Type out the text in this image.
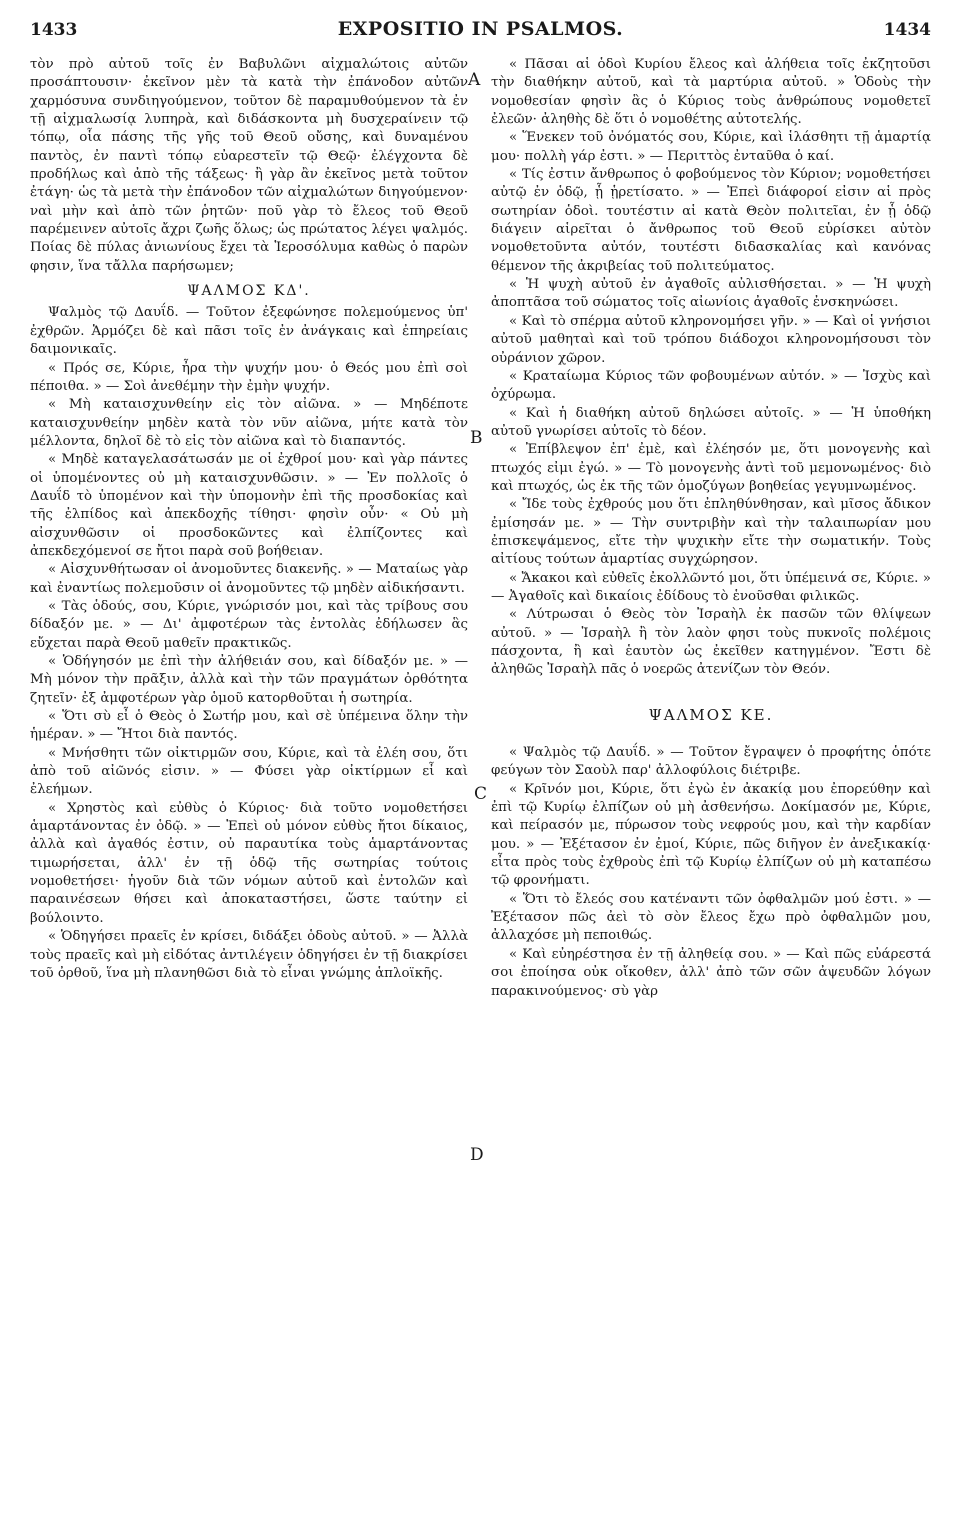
1433	EXPOSITIO IN PSALMOS.	1434
A
B
C
D

τὸν πρὸ αὐτοῦ τοῖς ἐν Βαβυλῶνι αἰχμαλώτοις αὐτῶν προσάπτουσιν· ἐκεῖνον μὲν τὰ κατὰ τὴν ἐπάνοδον αὐτῶν χαρμόσυνα συνδιηγούμενον, τοῦτον δὲ παραμυθούμενον τὰ ἐν τῇ αἰχμαλωσίᾳ λυπηρὰ, καὶ διδάσκοντα μὴ δυσχεραίνειν τῷ τόπῳ, οἷα πάσης τῆς γῆς τοῦ Θεοῦ οὔσης, καὶ δυναμένου παντὸς, ἐν παντὶ τόπῳ εὐαρεστεῖν τῷ Θεῷ· ἐλέγχοντα δὲ προδήλως καὶ ἀπὸ τῆς τάξεως· ἢ γὰρ ἂν ἐκεῖνος μετὰ τοῦτον ἐτάγη· ὡς τὰ μετὰ τὴν ἐπάνοδον τῶν αἰχμαλώτων διηγούμενον· ναὶ μὴν καὶ ἀπὸ τῶν ῥητῶν· ποῦ γὰρ τὸ ἔλεος τοῦ Θεοῦ παρέμεινεν αὐτοῖς ἄχρι ζωῆς ὅλως; ὡς πρώτατος λέγει ψαλμός. Ποίας δὲ πύλας ἀνιωνίους ἔχει τὰ Ἱεροσόλυμα καθὼς ὁ παρὼν φησιν, ἵνα τἄλλα παρήσωμεν;

ΨΑΛΜΟΣ ΚΔ'.

Ψαλμὸς τῷ Δαυΐδ. — Τοῦτον ἐξεφώνησε πολεμούμενος ὑπ' ἐχθρῶν. Ἁρμόζει δὲ καὶ πᾶσι τοῖς ἐν ἀνάγκαις καὶ ἐπηρείαις δαιμονικαῖς.

« Πρός σε, Κύριε, ἦρα τὴν ψυχήν μου· ὁ Θεός μου ἐπὶ σοὶ πέποιθα. » — Σοὶ ἀνεθέμην τὴν ἐμὴν ψυχήν.

« Μὴ καταισχυνθείην εἰς τὸν αἰῶνα. » — Μηδέποτε καταισχυνθείην μηδὲν κατὰ τὸν νῦν αἰῶνα, μήτε κατὰ τὸν μέλλοντα, δηλοῖ δὲ τὸ εἰς τὸν αἰῶνα καὶ τὸ διαπαντός.

« Μηδὲ καταγελασάτωσάν με οἱ ἐχθροί μου· καὶ γὰρ πάντες οἱ ὑπομένοντες οὐ μὴ καταισχυνθῶσιν. » — Ἐν πολλοῖς ὁ Δαυΐδ τὸ ὑπομένον καὶ τὴν ὑπομονὴν ἐπὶ τῆς προσδοκίας καὶ τῆς ἐλπίδος καὶ ἀπεκδοχῆς τίθησι· φησὶν οὖν· « Οὐ μὴ αἰσχυνθῶσιν οἱ προσδοκῶντες καὶ ἐλπίζοντες καὶ ἀπεκδεχόμενοί σε ἤτοι παρὰ σοῦ βοήθειαν.

« Αἰσχυνθήτωσαν οἱ ἀνομοῦντες διακενῆς. » — Ματαίως γὰρ καὶ ἐναντίως πολεμοῦσιν οἱ ἀνομοῦντες τῷ μηδὲν αἰδικήσαντι.

« Τὰς ὁδούς, σου, Κύριε, γνώρισόν μοι, καὶ τὰς τρίβους σου δίδαξόν με. » — Δι' ἀμφοτέρων τὰς ἐντολὰς ἐδήλωσεν ἃς εὔχεται παρὰ Θεοῦ μαθεῖν πρακτικῶς.

« Ὁδήγησόν με ἐπὶ τὴν ἀλήθειάν σου, καὶ δίδαξόν με. » — Μὴ μόνον τὴν πρᾶξιν, ἀλλὰ καὶ τὴν τῶν πραγμάτων ὀρθότητα ζητεῖν· ἐξ ἀμφοτέρων γὰρ ὁμοῦ κατορθοῦται ἡ σωτηρία.

« Ὅτι σὺ εἶ ὁ Θεὸς ὁ Σωτήρ μου, καὶ σὲ ὑπέμεινα ὅλην τὴν ἡμέραν. » — Ἤτοι διὰ παντός.

« Μνήσθητι τῶν οἰκτιρμῶν σου, Κύριε, καὶ τὰ ἐλέη σου, ὅτι ἀπὸ τοῦ αἰῶνός εἰσιν. » — Φύσει γὰρ οἰκτίρμων εἶ καὶ ἐλεήμων.

« Χρηστὸς καὶ εὐθὺς ὁ Κύριος· διὰ τοῦτο νομοθετήσει ἁμαρτάνοντας ἐν ὁδῷ. » — Ἐπεὶ οὐ μόνον εὐθὺς ἤτοι δίκαιος, ἀλλὰ καὶ ἀγαθός ἐστιν, οὐ παραυτίκα τοὺς ἁμαρτάνοντας τιμωρήσεται, ἀλλ' ἐν τῇ ὁδῷ τῆς σωτηρίας τούτοις νομοθετήσει· ἡγοῦν διὰ τῶν νόμων αὐτοῦ καὶ ἐντολῶν καὶ παραινέσεων θήσει καὶ ἀποκαταστήσει, ὥστε ταύτην εἰ βούλοιντο.

« Ὁδηγήσει πραεῖς ἐν κρίσει, διδάξει ὁδοὺς αὐτοῦ. » — Ἀλλὰ τοὺς πραεῖς καὶ μὴ εἰδότας ἀντιλέγειν ὁδηγήσει ἐν τῇ διακρίσει τοῦ ὀρθοῦ, ἵνα μὴ πλανηθῶσι διὰ τὸ εἶναι γνώμης ἁπλοϊκῆς.

« Πᾶσαι αἱ ὁδοὶ Κυρίου ἔλεος καὶ ἀλήθεια τοῖς ἐκζητοῦσι τὴν διαθήκην αὐτοῦ, καὶ τὰ μαρτύρια αὐτοῦ. » Ὁδοὺς τὴν νομοθεσίαν φησὶν ἃς ὁ Κύριος τοὺς ἀνθρώπους νομοθετεῖ ἐλεῶν· ἀληθὴς δὲ ὅτι ὁ νομοθέτης αὐτοτελής.

« Ἕνεκεν τοῦ ὀνόματός σου, Κύριε, καὶ ἱλάσθητι τῇ ἁμαρτίᾳ μου· πολλὴ γάρ ἐστι. » — Περιττὸς ἐνταῦθα ὁ καί.

« Τίς ἐστιν ἄνθρωπος ὁ φοβούμενος τὸν Κύριον; νομοθετήσει αὐτῷ ἐν ὁδῷ, ᾗ ᾑρετίσατο. » — Ἐπεὶ διάφοροί εἰσιν αἱ πρὸς σωτηρίαν ὁδοὶ. τουτέστιν αἱ κατὰ Θεὸν πολιτεῖαι, ἐν ᾗ ὁδῷ διάγειν αἱρεῖται ὁ ἄνθρωπος τοῦ Θεοῦ εὑρίσκει αὐτὸν νομοθετοῦντα αὐτόν, τουτέστι διδασκαλίας καὶ κανόνας θέμενον τῆς ἀκριβείας τοῦ πολιτεύματος.

« Ἡ ψυχὴ αὐτοῦ ἐν ἀγαθοῖς αὐλισθήσεται. » — Ἡ ψυχὴ ἀποπτᾶσα τοῦ σώματος τοῖς αἰωνίοις ἀγαθοῖς ἐνσκηνώσει.

« Καὶ τὸ σπέρμα αὐτοῦ κληρονομήσει γῆν. » — Καὶ οἱ γνήσιοι αὐτοῦ μαθηταὶ καὶ τοῦ τρόπου διάδοχοι κληρονομήσουσι τὸν οὐράνιον χῶρον.

« Κραταίωμα Κύριος τῶν φοβουμένων αὐτόν. » — Ἰσχὺς καὶ ὀχύρωμα.

« Καὶ ἡ διαθήκη αὐτοῦ δηλώσει αὐτοῖς. » — Ἡ ὑποθήκη αὐτοῦ γνωρίσει αὐτοῖς τὸ δέον.

« Ἐπίβλεψον ἐπ' ἐμὲ, καὶ ἐλέησόν με, ὅτι μονογενὴς καὶ πτωχός εἰμι ἐγώ. » — Τὸ μονογενὴς ἀντὶ τοῦ μεμονωμένος· διὸ καὶ πτωχός, ὡς ἐκ τῆς τῶν ὁμοζύγων βοηθείας γεγυμνωμένος.

« Ἴδε τοὺς ἐχθρούς μου ὅτι ἐπληθύνθησαν, καὶ μῖσος ἄδικον ἐμίσησάν με. » — Τὴν συντριβὴν καὶ τὴν ταλαιπωρίαν μου ἐπισκεψάμενος, εἴτε τὴν ψυχικὴν εἴτε τὴν σωματικήν. Τοὺς αἰτίους τούτων ἁμαρτίας συγχώρησον.

« Ἄκακοι καὶ εὐθεῖς ἐκολλῶντό μοι, ὅτι ὑπέμεινά σε, Κύριε. » — Ἀγαθοῖς καὶ δικαίοις ἐδίδους τὸ ἑνοῦσθαι φιλικῶς.

« Λύτρωσαι ὁ Θεὸς τὸν Ἰσραὴλ ἐκ πασῶν τῶν θλίψεων αὐτοῦ. » — Ἰσραὴλ ἢ τὸν λαὸν φησι τοὺς πυκνοῖς πολέμοις πάσχοντα, ἢ καὶ ἑαυτὸν ὡς ἐκεῖθεν κατηγμένον. Ἔστι δὲ ἀληθῶς Ἰσραὴλ πᾶς ὁ νοερῶς ἀτενίζων τὸν Θεόν.

ΨΑΛΜΟΣ ΚΕ.

« Ψαλμὸς τῷ Δαυΐδ. » — Τοῦτον ἔγραψεν ὁ προφήτης ὁπότε φεύγων τὸν Σαοὺλ παρ' ἀλλοφύλοις διέτριβε.

« Κρῖνόν μοι, Κύριε, ὅτι ἐγὼ ἐν ἀκακίᾳ μου ἐπορεύθην καὶ ἐπὶ τῷ Κυρίῳ ἐλπίζων οὐ μὴ ἀσθενήσω. Δοκίμασόν με, Κύριε, καὶ πείρασόν με, πύρωσον τοὺς νεφρούς μου, καὶ τὴν καρδίαν μου. » — Ἐξέτασον ἐν ἐμοί, Κύριε, πῶς διῆγον ἐν ἀνεξικακίᾳ· εἶτα πρὸς τοὺς ἐχθροὺς ἐπὶ τῷ Κυρίῳ ἐλπίζων οὐ μὴ καταπέσω τῷ φρονήματι.

« Ὅτι τὸ ἔλεός σου κατέναντι τῶν ὀφθαλμῶν μού ἐστι. » — Ἐξέτασον πῶς ἀεὶ τὸ σὸν ἔλεος ἔχω πρὸ ὀφθαλμῶν μου, ἀλλαχόσε μὴ πεποιθώς.

« Καὶ εὐηρέστησα ἐν τῇ ἀληθείᾳ σου. » — Καὶ πῶς εὐάρεστά σοι ἐποίησα οὐκ οἴκοθεν, ἀλλ' ἀπὸ τῶν σῶν ἀψευδῶν λόγων παρακινούμενος· σὺ γὰρ
